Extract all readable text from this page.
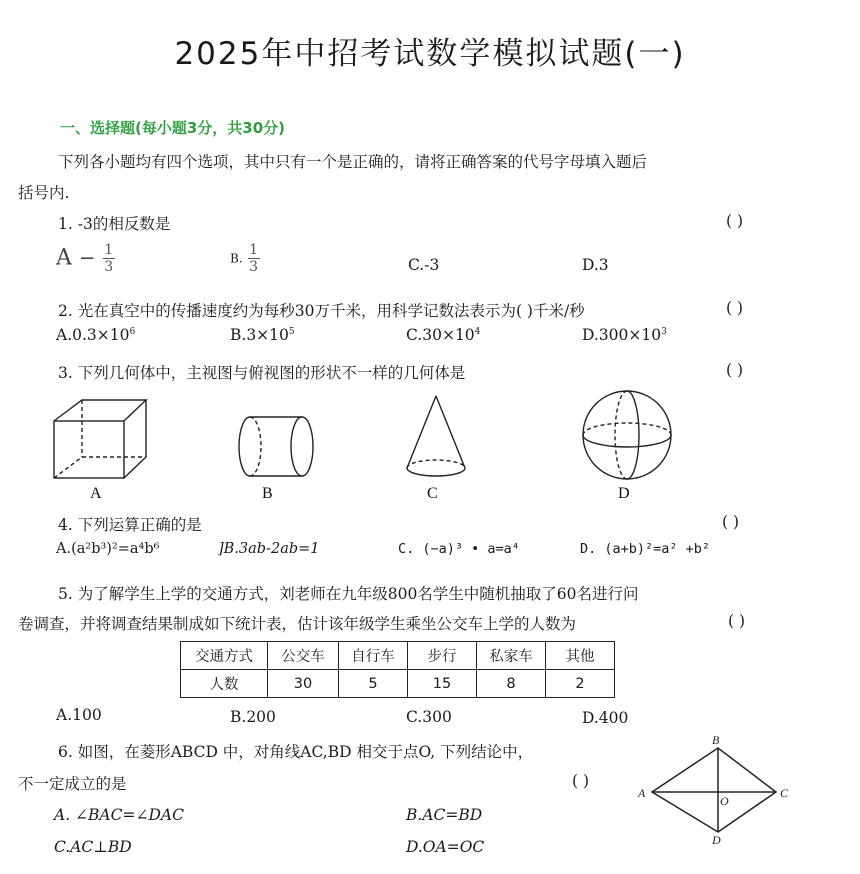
2025年中招考试数学模拟试题(一)
一、选择题(每小题3分，共30分)
下列各小题均有四个选项，其中只有一个是正确的，请将正确答案的代号字母填入题后
括号内.
1. -3的相反数是	( )
$A - \frac{1}{3}$	B. $\frac{1}{3}$	C.-3	D.3
2. 光在真空中的传播速度约为每秒30万千米，用科学记数法表示为( )千米/秒	( )
$A.0.3\times 10^6$	$B.3\times 10^5$	$C.30\times 10^4$	$D.300\times 10^3$
3. 下列几何体中，主视图与俯视图的形状不一样的几何体是	( )
A	B	C	D
4. 下列运算正确的是	( )
A.(a²b³)²=a⁴b⁶	]B.3ab-2ab=1	C. (−a)³ • a=a⁴	D. (a+b)²=a² +b²
5. 为了解学生上学的交通方式，刘老师在九年级800名学生中随机抽取了60名进行问
卷调查，并将调查结果制成如下统计表，估计该年级学生乘坐公交车上学的人数为	( )
交通方式	公交车	自行车	步行	私家车	其他
人数	30	5	15	8	2
A.100	B.200	C.300	D.400
6. 如图，在菱形ABCD 中，对角线AC,BD 相交于点O, 下列结论中，
不一定成立的是	( )
A. ∠BAC=∠DAC	B.AC=BD
C.AC⊥BD	D.OA=OC
A
B
C
D
O
